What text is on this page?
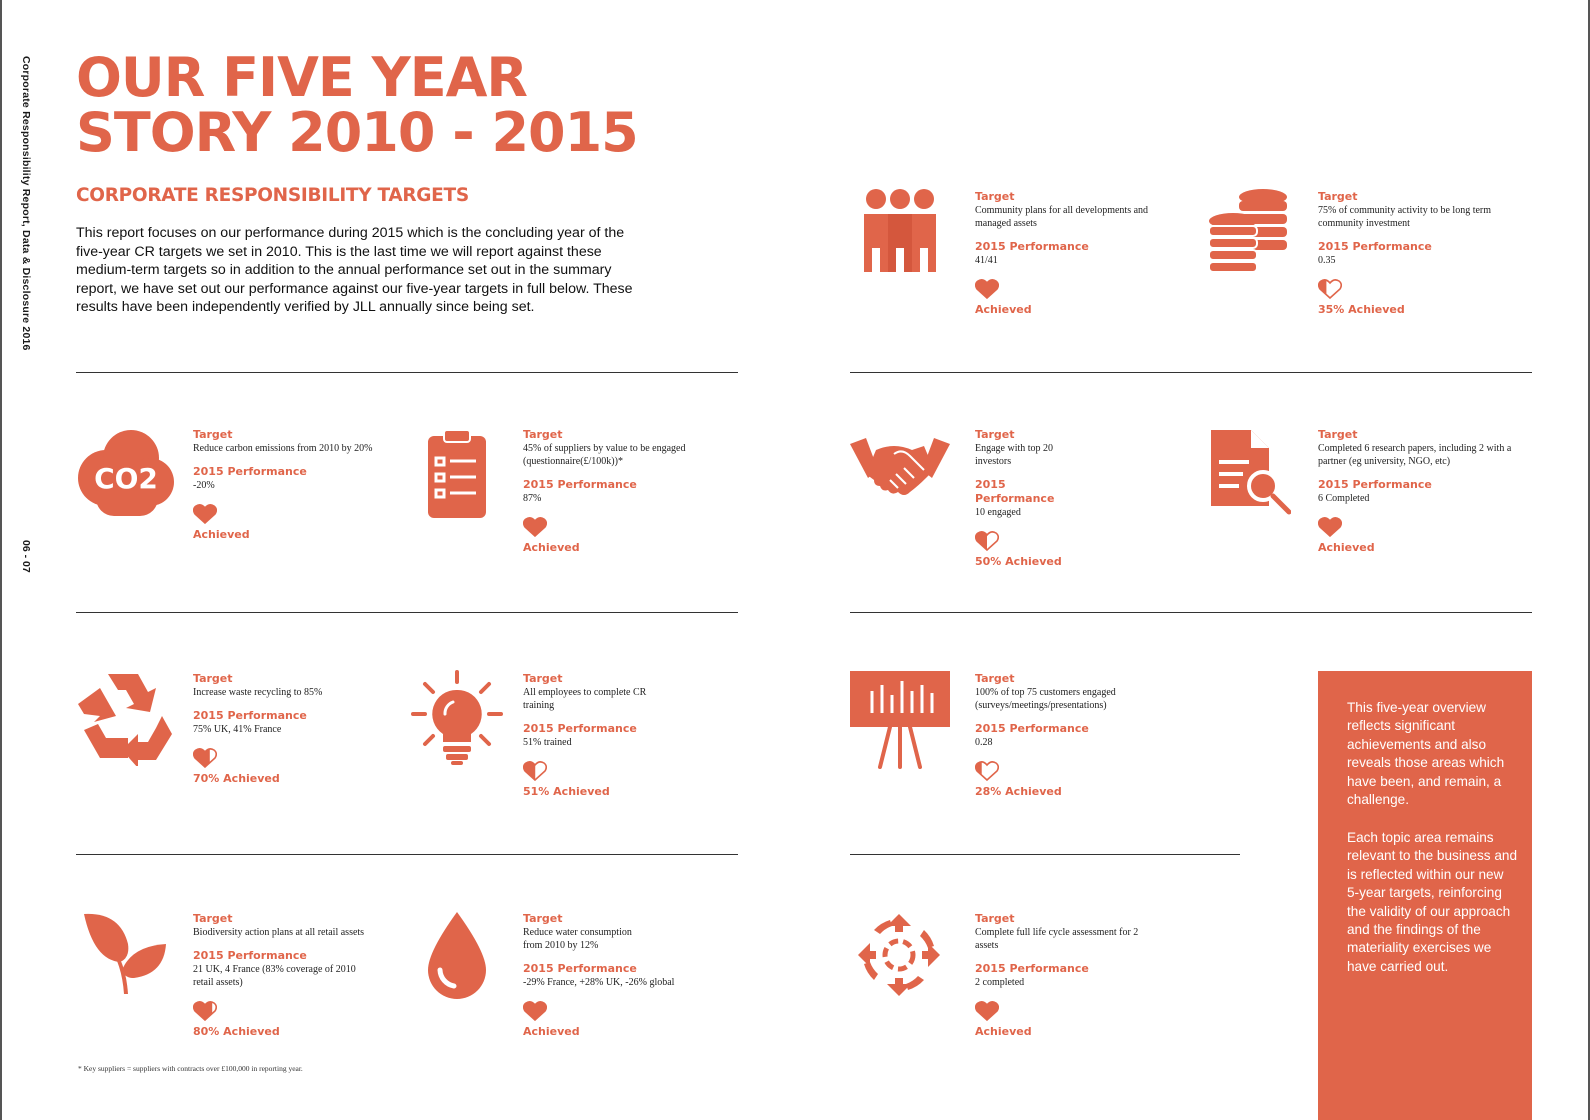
Corporate Responsibility Report, Data & Disclosure 2016
06 - 07
OUR FIVE YEAR
STORY 2010 - 2015
CORPORATE RESPONSIBILITY TARGETS
This report focuses on our performance during 2015 which is the concluding year of the five-year CR targets we set in 2010. This is the last time we will report against these medium-term targets so in addition to the annual performance set out in the summary report, we have set out our performance against our five-year targets in full below. These results have been independently verified by JLL annually since being set.
CO2
Target
Community plans for all developments and managed assets
2015 Performance
41/41
Achieved
Target
75% of community activity to be long term community investment
2015 Performance
0.35
35% Achieved
Target
Reduce carbon emissions from 2010 by 20%
2015 Performance
-20%
Achieved
Target
45% of suppliers by value to be engaged (questionnaire(£/100k))*
2015 Performance
87%
Achieved
Target
Engage with top 20 investors
2015 Performance
10 engaged
50% Achieved
Target
Completed 6 research papers, including 2 with a partner (eg university, NGO, etc)
2015 Performance
6 Completed
Achieved
Target
Increase waste recycling to 85%
2015 Performance
75% UK, 41% France
70% Achieved
Target
All employees to complete CR training
2015 Performance
51% trained
51% Achieved
Target
100% of top 75 customers engaged (surveys/meetings/presentations)
2015 Performance
0.28
28% Achieved
Target
Biodiversity action plans at all retail assets
2015 Performance
21 UK, 4 France (83% coverage of 2010 retail assets)
80% Achieved
Target
Reduce water consumption from 2010 by 12%
2015 Performance
-29% France, +28% UK, -26% global
Achieved
Target
Complete full life cycle assessment for 2 assets
2015 Performance
2 completed
Achieved

This five-year overview reflects significant achievements and also reveals those areas which have been, and remain, a challenge.

Each topic area remains relevant to the business and is reflected within our new 5-year targets, reinforcing the validity of our approach and the findings of the materiality exercises we have carried out.

* Key suppliers = suppliers with contracts over £100,000 in reporting year.
